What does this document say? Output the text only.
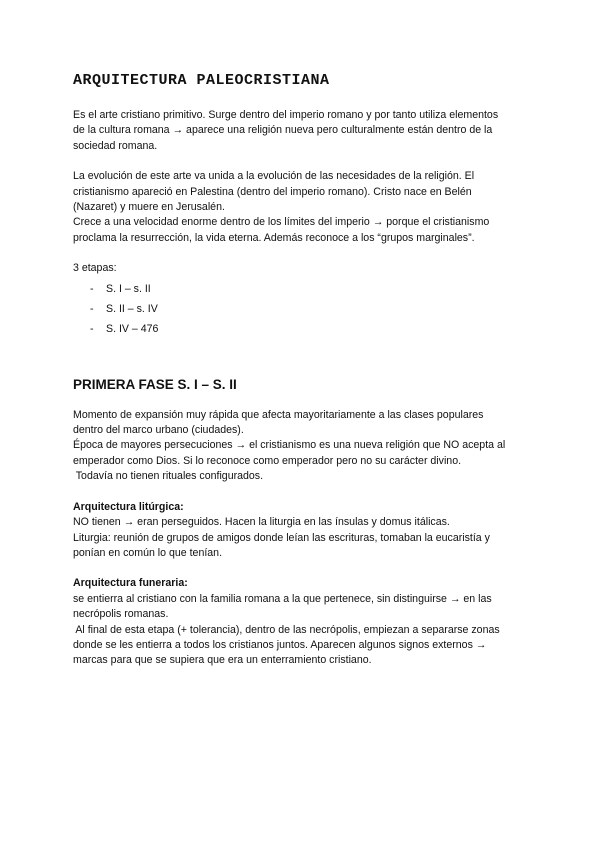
ARQUITECTURA PALEOCRISTIANA

Es el arte cristiano primitivo. Surge dentro del imperio romano y por tanto utiliza elementos
de la cultura romana → aparece una religión nueva pero culturalmente están dentro de la
sociedad romana.

La evolución de este arte va unida a la evolución de las necesidades de la religión. El
cristianismo apareció en Palestina (dentro del imperio romano). Cristo nace en Belén
(Nazaret) y muere en Jerusalén.
Crece a una velocidad enorme dentro de los límites del imperio → porque el cristianismo
proclama la resurrección, la vida eterna. Además reconoce a los “grupos marginales”.

3 etapas:

-	S. I – s. II
-	S. II – s. IV
-	S. IV – 476
PRIMERA FASE S. I – S. II

Momento de expansión muy rápida que afecta mayoritariamente a las clases populares
dentro del marco urbano (ciudades).
Época de mayores persecuciones → el cristianismo es una nueva religión que NO acepta al
emperador como Dios. Si lo reconoce como emperador pero no su carácter divino.
Todavía no tienen rituales configurados.

Arquitectura litúrgica:

NO tienen → eran perseguidos. Hacen la liturgia en las ínsulas y domus itálicas.
Liturgia: reunión de grupos de amigos donde leían las escrituras, tomaban la eucaristía y
ponían en común lo que tenían.

Arquitectura funeraria:

se entierra al cristiano con la familia romana a la que pertenece, sin distinguirse → en las
necrópolis romanas.
Al final de esta etapa (+ tolerancia), dentro de las necrópolis, empiezan a separarse zonas
donde se les entierra a todos los cristianos juntos. Aparecen algunos signos externos →
marcas para que se supiera que era un enterramiento cristiano.
